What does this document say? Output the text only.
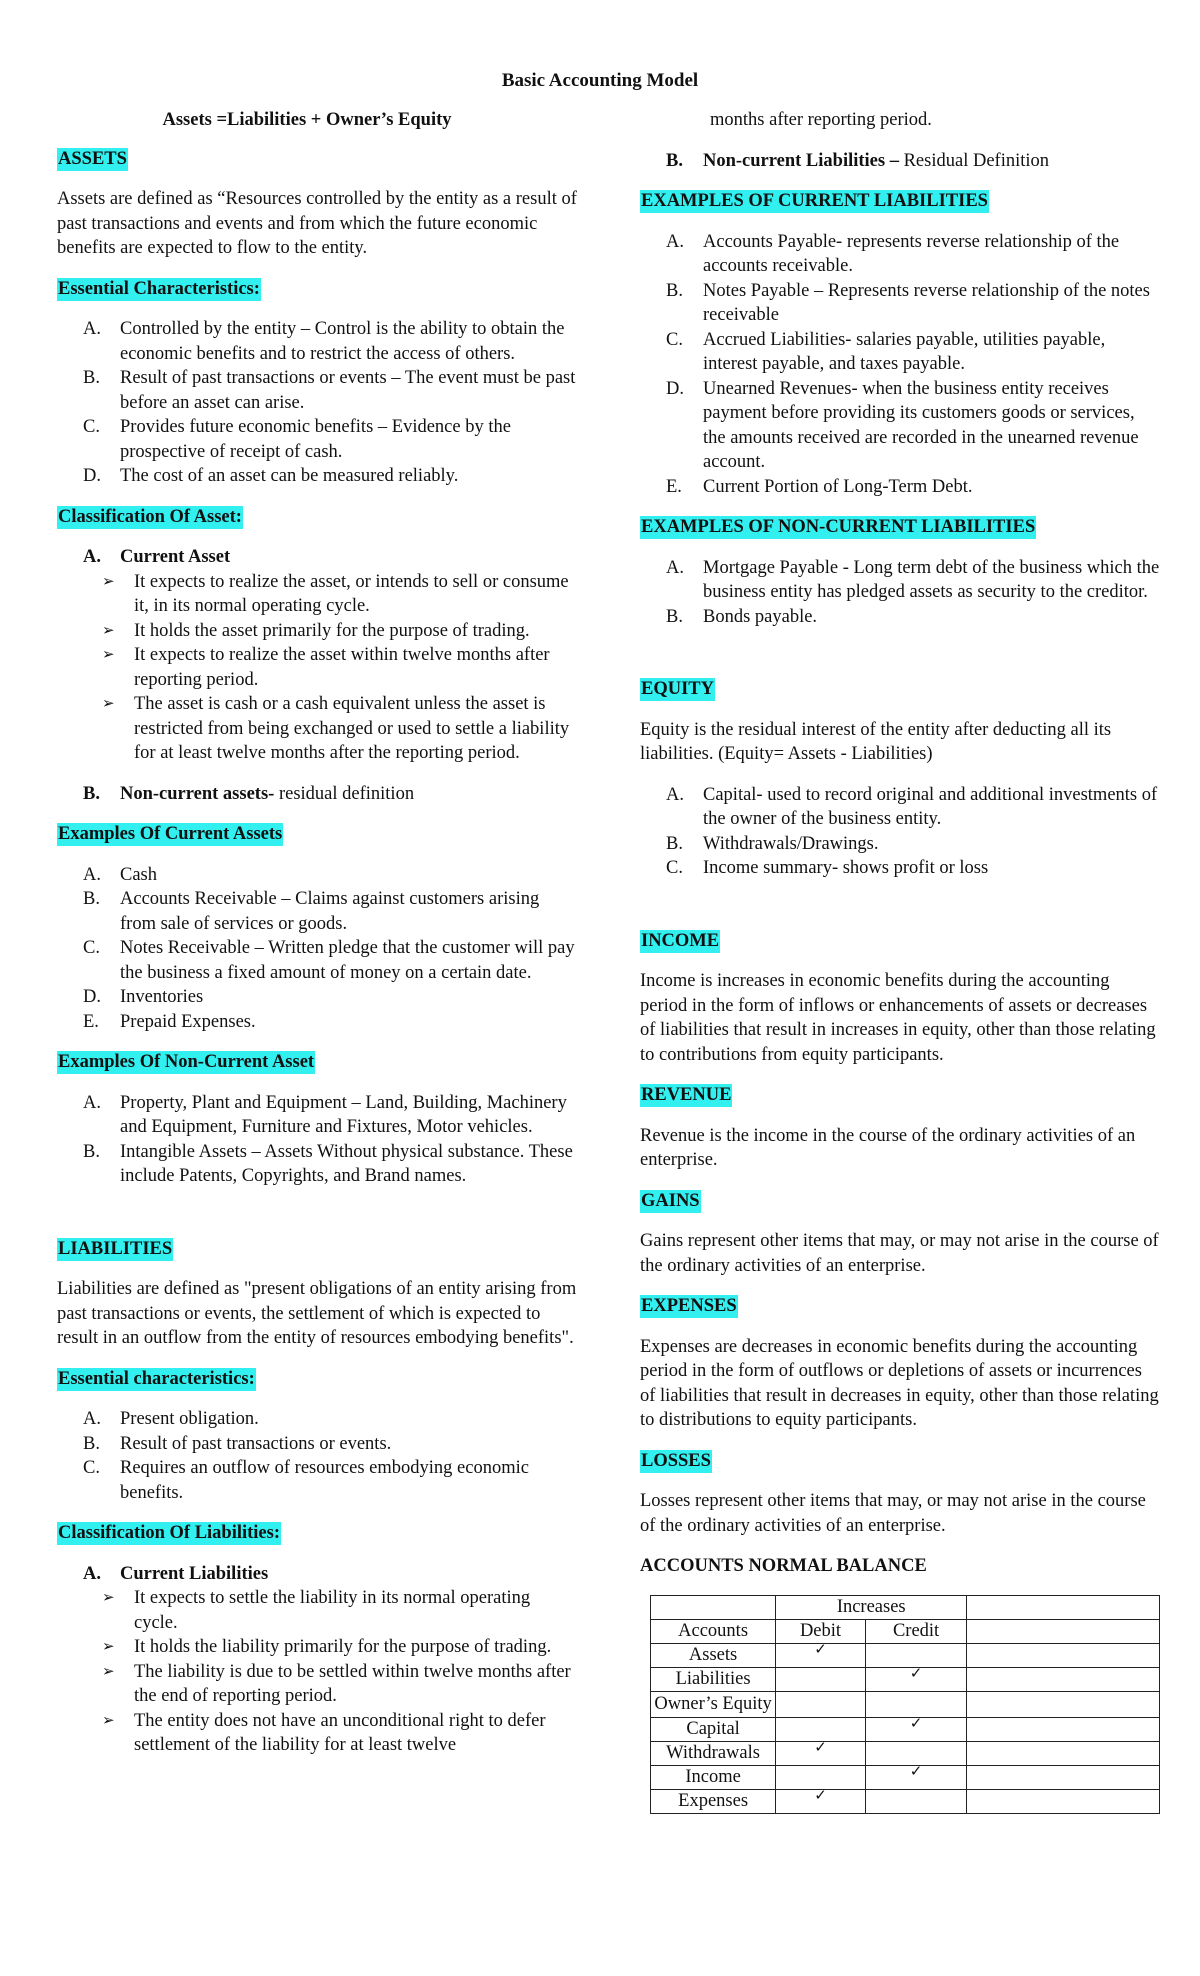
Basic Accounting Model
Assets =Liabilities + Owner’s Equity
ASSETS

Assets are defined as “Resources controlled by the entity as a result of past transactions and events and from which the future economic benefits are expected to flow to the entity.

Essential Characteristics:
A. Controlled by the entity – Control is the ability to obtain the economic benefits and to restrict the access of others.
B. Result of past transactions or events – The event must be past before an asset can arise.
C. Provides future economic benefits – Evidence by the prospective of receipt of cash.
D. The cost of an asset can be measured reliably.
Classification Of Asset:
A. Current Asset
➢ It expects to realize the asset, or intends to sell or consume it, in its normal operating cycle.
➢ It holds the asset primarily for the purpose of trading.
➢ It expects to realize the asset within twelve months after reporting period.
➢ The asset is cash or a cash equivalent unless the asset is restricted from being exchanged or used to settle a liability for at least twelve months after the reporting period.
B. Non-current assets- residual definition
Examples Of Current Assets
A. Cash
B. Accounts Receivable – Claims against customers arising from sale of services or goods.
C. Notes Receivable – Written pledge that the customer will pay the business a fixed amount of money on a certain date.
D. Inventories
E. Prepaid Expenses.
Examples Of Non-Current Asset
A. Property, Plant and Equipment – Land, Building, Machinery and Equipment, Furniture and Fixtures, Motor vehicles.
B. Intangible Assets – Assets Without physical substance. These include Patents, Copyrights, and Brand names.
LIABILITIES

Liabilities are defined as "present obligations of an entity arising from past transactions or events, the settlement of which is expected to result in an outflow from the entity of resources embodying benefits".

Essential characteristics:
A. Present obligation.
B. Result of past transactions or events.
C. Requires an outflow of resources embodying economic benefits.
Classification Of Liabilities:
A. Current Liabilities
➢ It expects to settle the liability in its normal operating cycle.
➢ It holds the liability primarily for the purpose of trading.
➢ The liability is due to be settled within twelve months after the end of reporting period.
➢ The entity does not have an unconditional right to defer settlement of the liability for at least twelve

months after reporting period.

B. Non-current Liabilities – Residual Definition
EXAMPLES OF CURRENT LIABILITIES
A. Accounts Payable- represents reverse relationship of the accounts receivable.
B. Notes Payable – Represents reverse relationship of the notes receivable
C. Accrued Liabilities- salaries payable, utilities payable, interest payable, and taxes payable.
D. Unearned Revenues- when the business entity receives payment before providing its customers goods or services,
the amounts received are recorded in the unearned revenue account.
E. Current Portion of Long-Term Debt.
EXAMPLES OF NON-CURRENT LIABILITIES
A. Mortgage Payable - Long term debt of the business which the business entity has pledged assets as security to the creditor.
B. Bonds payable.
EQUITY

Equity is the residual interest of the entity after deducting all its liabilities. (Equity= Assets - Liabilities)

A. Capital- used to record original and additional investments of the owner of the business entity.
B. Withdrawals/Drawings.
C. Income summary- shows profit or loss
INCOME

Income is increases in economic benefits during the accounting period in the form of inflows or enhancements of assets or decreases of liabilities that result in increases in equity, other than those relating to contributions from equity participants.

REVENUE

Revenue is the income in the course of the ordinary activities of an enterprise.

GAINS

Gains represent other items that may, or may not arise in the course of the ordinary activities of an enterprise.

EXPENSES

Expenses are decreases in economic benefits during the accounting period in the form of outflows or depletions of assets or incurrences of liabilities that result in decreases in equity, other than those relating to distributions to equity participants.

LOSSES

Losses represent other items that may, or may not arise in the course of the ordinary activities of an enterprise.

ACCOUNTS NORMAL BALANCE
	Increases		
Accounts	Debit	Credit	
Assets	✓		
Liabilities		✓	
Owner’s Equity			
Capital		✓	
Withdrawals	✓		
Income		✓	
Expenses	✓		
